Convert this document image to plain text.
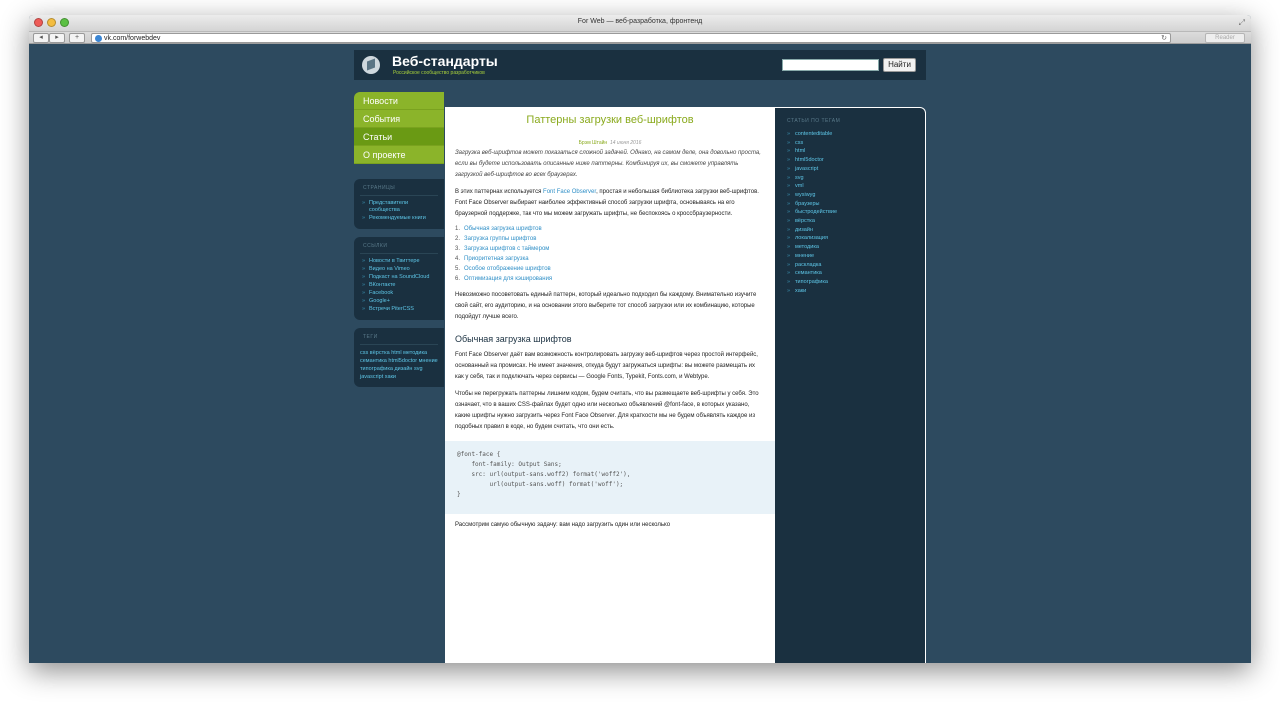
For Web — веб-разработка, фронтенд	⤢
◂	▸	+	vk.com/forwebdev	↻	Reader
Веб-стандарты
Российское сообщество разработчиков
Найти
Новости
События
Статьи
О проекте
СТРАНИЦЫ
» Представители сообщества
» Рекомендуемые книги
ССЫЛКИ
» Новости в Твиттере
» Видео на Vimeo
» Подкаст на SoundCloud
» ВКонтакте
» Facebook
» Google+
» Встречи PiterCSS
ТЕГИ
css вёрстка html методика семантика html5doctor мнение типографика дизайн svg javascript хаки
Паттерны загрузки веб-шрифтов
Брэм Штайн 14 июня 2016
Загрузка веб-шрифтов может показаться сложной задачей. Однако, на самом деле, она довольно проста, если вы будете использовать описанные ниже паттерны. Комбинируя их, вы сможете управлять загрузкой веб-шрифтов во всех браузерах.
В этих паттернах используется Font Face Observer, простая и небольшая библиотека загрузки веб-шрифтов. Font Face Observer выбирает наиболее эффективный способ загрузки шрифта, основываясь на его браузерной поддержке, так что мы можем загружать шрифты, не беспокоясь о кроссбраузерности.
1. Обычная загрузка шрифтов
2. Загрузка группы шрифтов
3. Загрузка шрифтов с таймером
4. Приоритетная загрузка
5. Особое отображение шрифтов
6. Оптимизация для кэширования
Невозможно посоветовать единый паттерн, который идеально подходил бы каждому. Внимательно изучите свой сайт, его аудиторию, и на основании этого выберите тот способ загрузки или их комбинацию, которые подойдут лучше всего.
Обычная загрузка шрифтов
Font Face Observer даёт вам возможность контролировать загрузку веб-шрифтов через простой интерфейс, основанный на промисах. Не имеет значения, откуда будут загружаться шрифты: вы можете размещать их как у себя, так и подключать через сервисы — Google Fonts, Typekit, Fonts.com, и Webtype.
Чтобы не перегружать паттерны лишним кодом, будем считать, что вы размещаете веб-шрифты у себя. Это означает, что в ваших CSS-файлах будет одно или несколько объявлений @font-face, в которых указано, какие шрифты нужно загрузить через Font Face Observer. Для краткости мы не будем объявлять каждое из подобных правил в коде, но будем считать, что они есть.
@font-face {
font-family: Output Sans;
src: url(output-sans.woff2) format('woff2'),
url(output-sans.woff) format('woff');
}
Рассмотрим самую обычную задачу: вам надо загрузить один или несколько
СТАТЬИ ПО ТЕГАМ
» contenteditable
» css
» html
» html5doctor
» javascript
» svg
» vml
» wysiwyg
» браузеры
» быстродействие
» вёрстка
» дизайн
» локализация
» методика
» мнение
» раскладка
» семантика
» типографика
» хаки
